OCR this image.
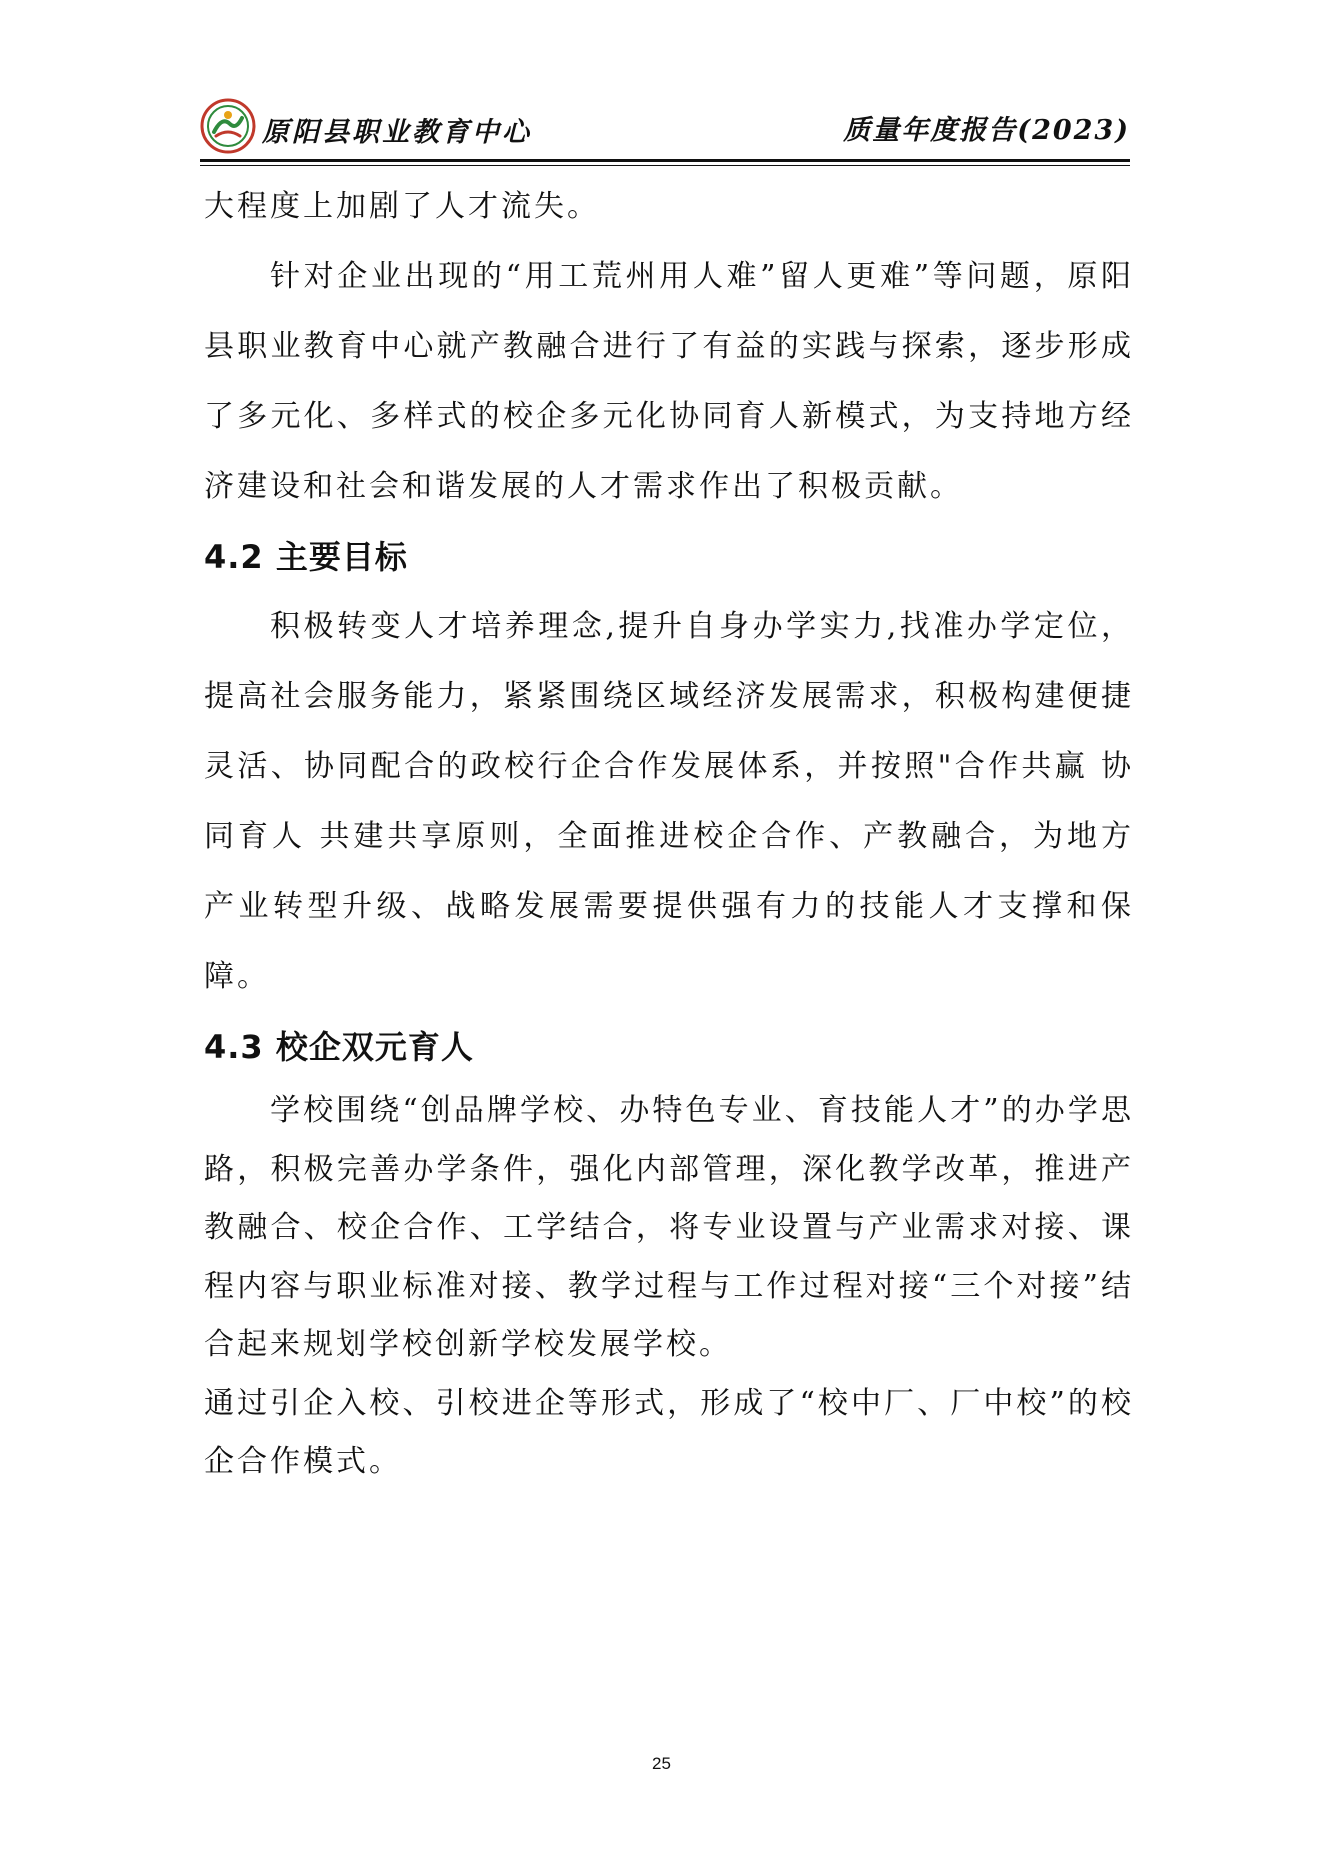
原阳县职业教育中心	质量年度报告(2023)

大程度上加剧了人才流失。

针对企业出现的“用工荒州用人难”留人更难”等问题，原阳县职业教育中心就产教融合进行了有益的实践与探索，逐步形成了多元化、多样式的校企多元化协同育人新模式，为支持地方经济建设和社会和谐发展的人才需求作出了积极贡献。

4.2 主要目标

积极转变人才培养理念,提升自身办学实力,找准办学定位，提高社会服务能力，紧紧围绕区域经济发展需求，积极构建便捷灵活、协同配合的政校行企合作发展体系，并按照"合作共赢 协同育人 共建共享原则，全面推进校企合作、产教融合，为地方产业转型升级、战略发展需要提供强有力的技能人才支撑和保障。

4.3 校企双元育人

学校围绕“创品牌学校、办特色专业、育技能人才”的办学思路，积极完善办学条件，强化内部管理，深化教学改革，推进产教融合、校企合作、工学结合，将专业设置与产业需求对接、课程内容与职业标准对接、教学过程与工作过程对接“三个对接”结合起来规划学校创新学校发展学校。

通过引企入校、引校进企等形式，形成了“校中厂、厂中校”的校企合作模式。

25
